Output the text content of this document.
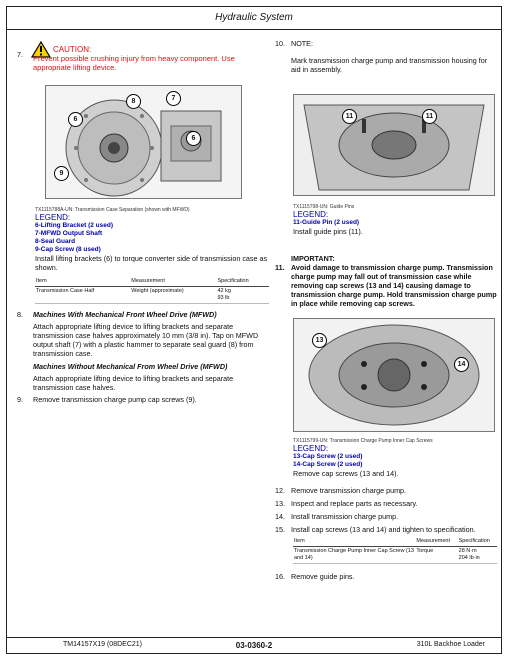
Hydraulic System
7.
CAUTION:
Prevent possible crushing injury from heavy component. Use appropriate lifting device.
6
8	7
6
9
TX1115788A-UN: Transmission Case Separation (shown with MFWD)
LEGEND:
6-Lifting Bracket (2 used)
7-MFWD Output Shaft
8-Seal Guard
9-Cap Screw (8 used)
Install lifting brackets (6) to torque converter side of transmission case as shown.
Item	Measurement	Specification
Transmission Case Half	Weight (approximate)	42 kg
93 lb
8. Machines With Mechanical Front Wheel Drive (MFWD)
Attach appropriate lifting device to lifting brackets and separate transmission case halves approximately 10 mm (3/8 in). Tap on MFWD output shaft (7) with a plastic hammer to separate seal guard (8) from transmission case.
Machines Without Mechanical From Wheel Drive (MFWD)
Attach appropriate lifting device to lifting brackets and separate transmission case halves.
9. Remove transmission charge pump cap screws (9).
10. NOTE:
Mark transmission charge pump and transmission housing for aid in assembly.
11	11
TX1115798-UN: Guide Pins
LEGEND:
11-Guide Pin (2 used)
Install guide pins (11).
IMPORTANT:
11. Avoid damage to transmission charge pump. Transmission charge pump may fall out of transmission case while removing cap screws (13 and 14) causing damage to transmission charge pump. Hold transmission charge pump in place while removing cap screws.
13
14
TX1115799-UN: Transmission Charge Pump Inner Cap Screws
LEGEND:
13-Cap Screw (2 used)
14-Cap Screw (2 used)
Remove cap screws (13 and 14).
12. Remove transmission charge pump.
13. Inspect and replace parts as necessary.
14. Install transmission charge pump.
15. Install cap screws (13 and 14) and tighten to specification.
Item	Measurement	Specification
Transmission Charge Pump Inner Cap Screw (13 and 14)	Torque	28 N·m
204 lb·in
16. Remove guide pins.
TM14157X19 (08DEC21)	03-0360-2	310L Backhoe Loader
